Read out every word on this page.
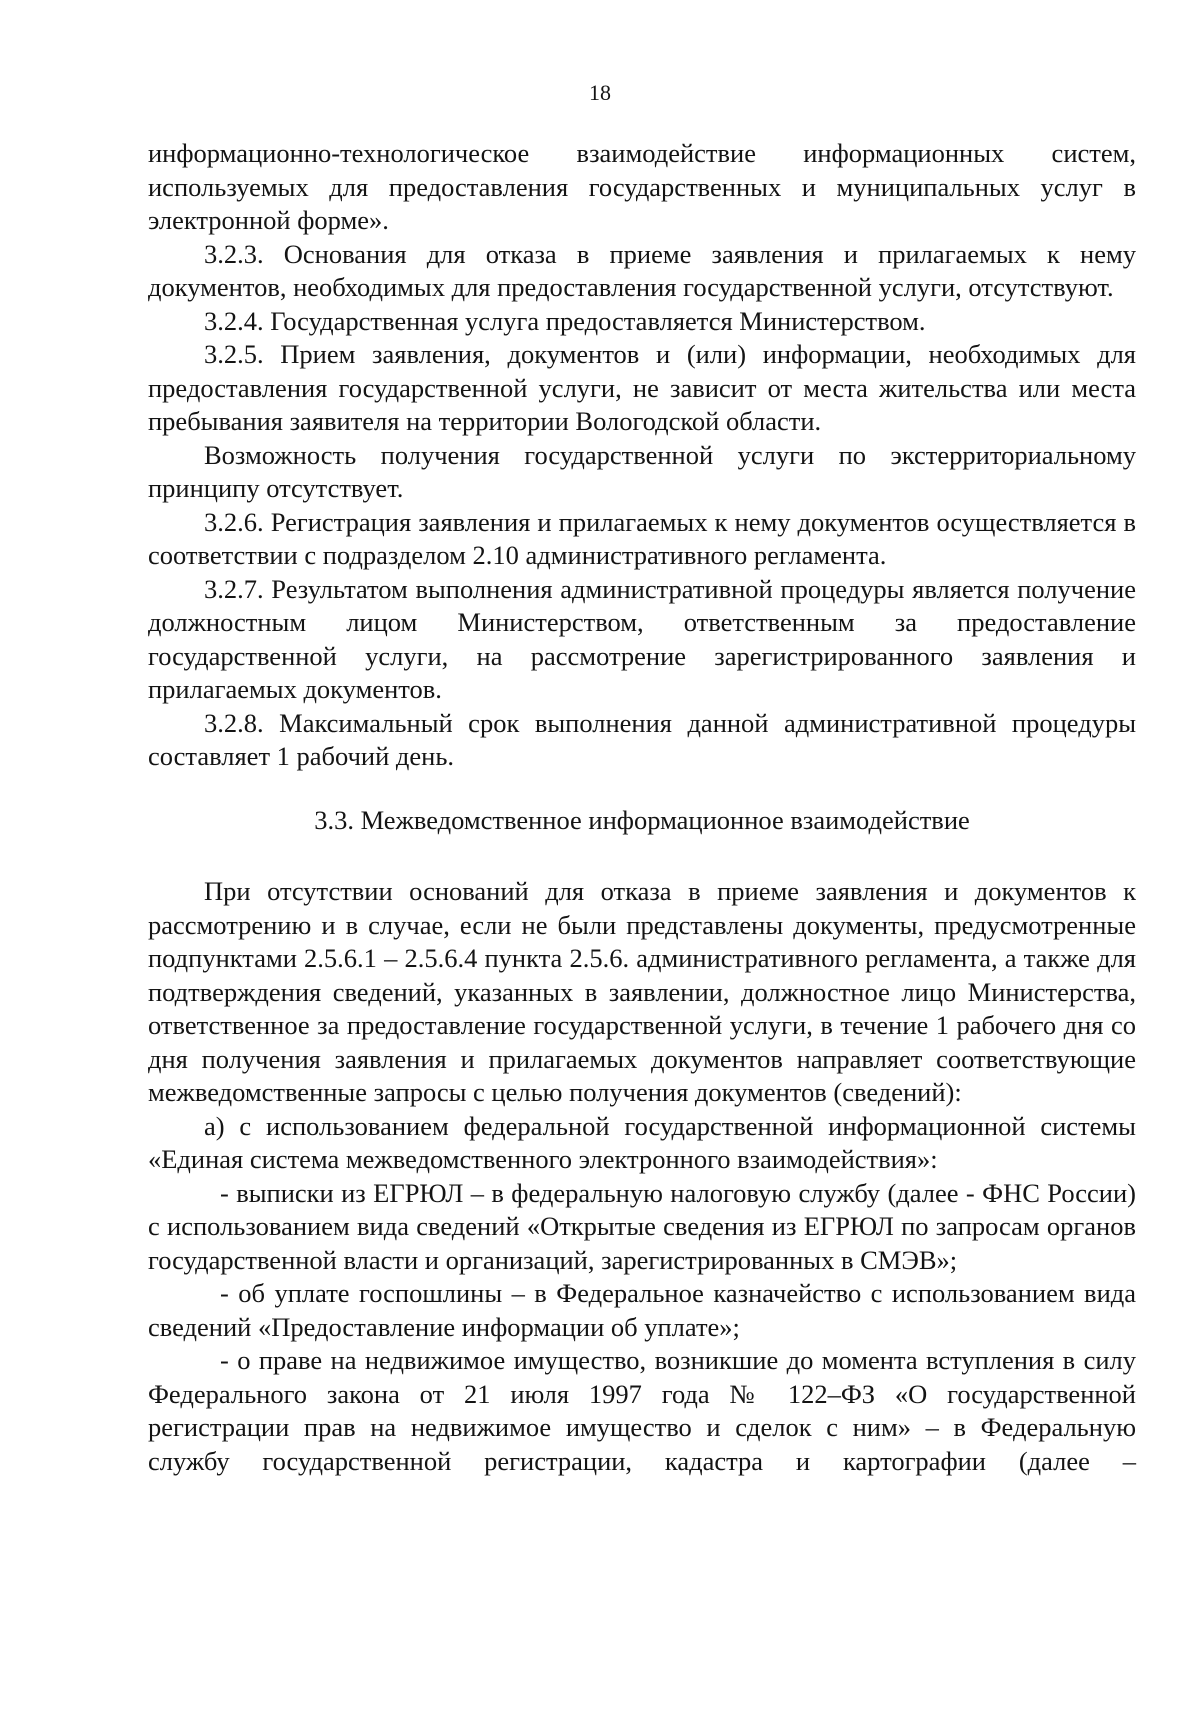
18

информационно-технологическое взаимодействие информационных систем, используемых для предоставления государственных и муниципальных услуг в электронной форме».

3.2.3. Основания для отказа в приеме заявления и прилагаемых к нему документов, необходимых для предоставления государственной услуги, отсутствуют.

3.2.4. Государственная услуга предоставляется Министерством.

3.2.5. Прием заявления, документов и (или) информации, необходимых для предоставления государственной услуги, не зависит от места жительства или места пребывания заявителя на территории Вологодской области.

Возможность получения государственной услуги по экстерриториальному принципу отсутствует.

3.2.6. Регистрация заявления и прилагаемых к нему документов осуществляется в соответствии с подразделом 2.10 административного регламента.

3.2.7. Результатом выполнения административной процедуры является получение должностным лицом Министерством, ответственным за предоставление государственной услуги, на рассмотрение зарегистрированного заявления и прилагаемых документов.

3.2.8. Максимальный срок выполнения данной административной процедуры составляет 1 рабочий день.

3.3. Межведомственное информационное взаимодействие

При отсутствии оснований для отказа в приеме заявления и документов к рассмотрению и в случае, если не были представлены документы, предусмотренные подпунктами 2.5.6.1 – 2.5.6.4 пункта 2.5.6. административного регламента, а также для подтверждения сведений, указанных в заявлении, должностное лицо Министерства, ответственное за предоставление государственной услуги, в течение 1 рабочего дня со дня получения заявления и прилагаемых документов направляет соответствующие межведомственные запросы с целью получения документов (сведений):

а) с использованием федеральной государственной информационной системы «Единая система межведомственного электронного взаимодействия»:

- выписки из ЕГРЮЛ – в федеральную налоговую службу (далее - ФНС России) с использованием вида сведений «Открытые сведения из ЕГРЮЛ по запросам органов государственной власти и организаций, зарегистрированных в СМЭВ»;

- об уплате госпошлины – в Федеральное казначейство с использованием вида сведений «Предоставление информации об уплате»;

- о праве на недвижимое имущество, возникшие до момента вступления в силу Федерального закона от 21 июля 1997 года № 122–ФЗ «О государственной регистрации прав на недвижимое имущество и сделок с ним» – в Федеральную службу государственной регистрации, кадастра и картографии (далее –
